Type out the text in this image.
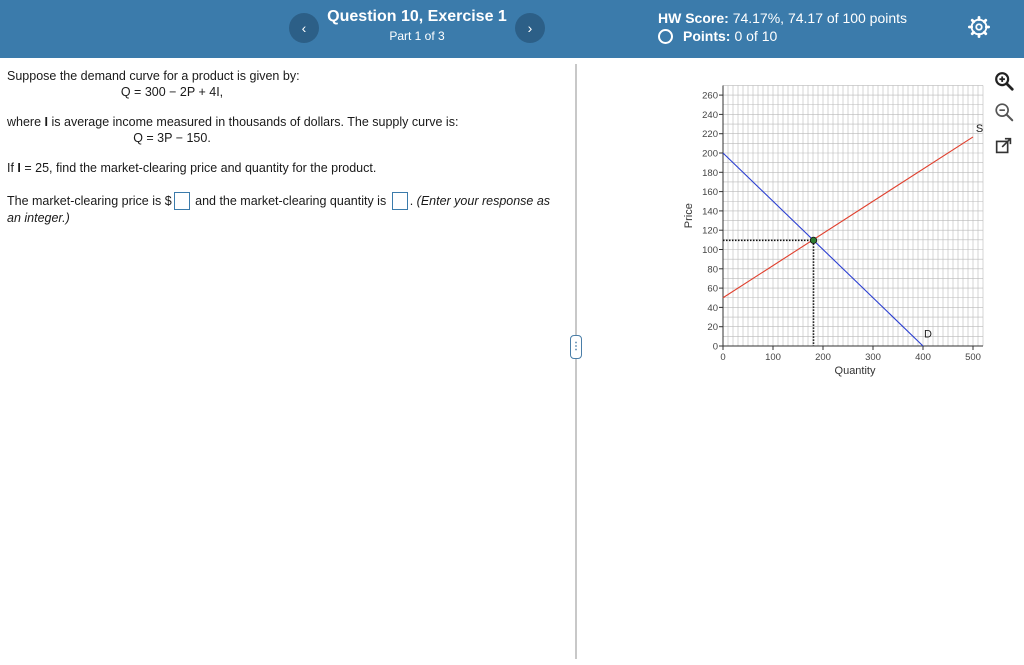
‹
Question 10, Exercise 1
Part 1 of 3	›
HW Score: 74.17%, 74.17 of 100 points
Points: 0 of 10

Suppose the demand curve for a product is given by:

Q = 300 − 2P + 4I,

where I is average income measured in thousands of dollars. The supply curve is:

Q = 3P − 150.

If I = 25, find the market-clearing price and quantity for the product.

The market-clearing price is $ and the market-clearing quantity is . (Enter your response as an integer.)

⋮	0
20
40
60
80
100
120
140
160
180
200
220
240
260
0	100	200	300	400	500
Quantity
Price
D
S
